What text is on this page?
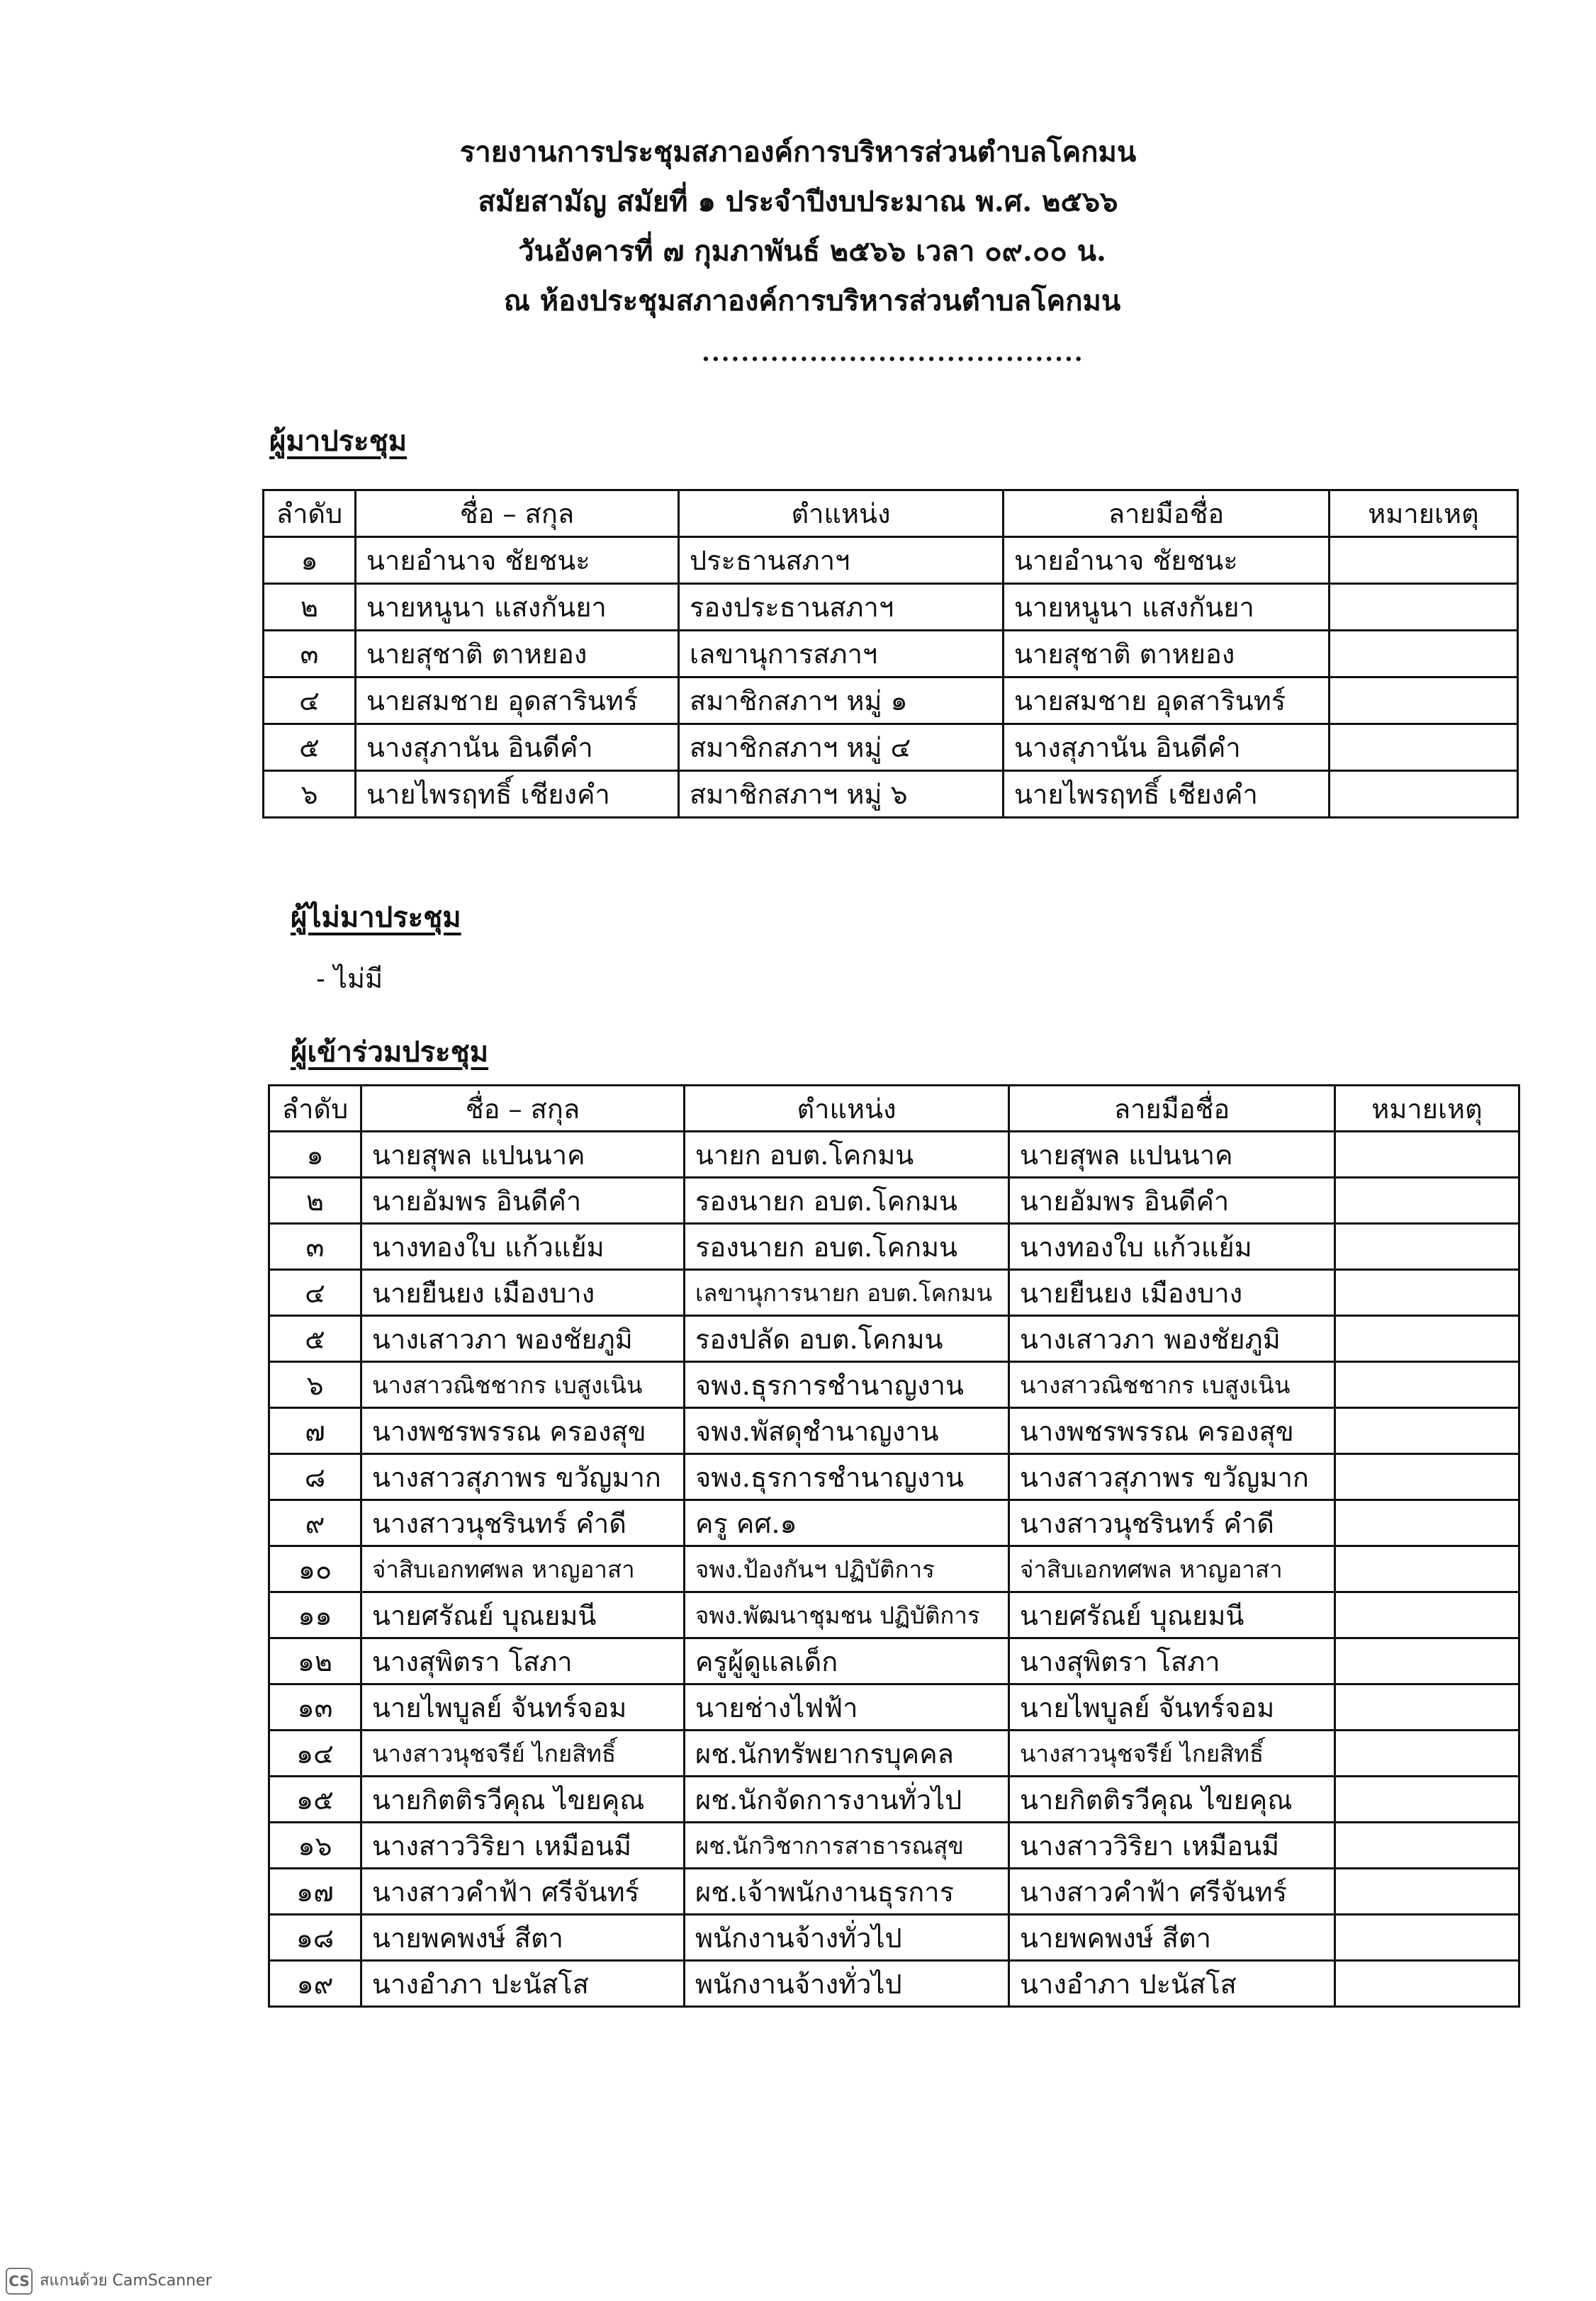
รายงานการประชุมสภาองค์การบริหารส่วนตำบลโคกมน
สมัยสามัญ สมัยที่ ๑ ประจำปีงบประมาณ พ.ศ. ๒๕๖๖
วันอังคารที่ ๗ กุมภาพันธ์ ๒๕๖๖ เวลา ๐๙.๐๐ น.
ณ ห้องประชุมสภาองค์การบริหารส่วนตำบลโคกมน
.......................................
ผู้มาประชุม
ลำดับ	ชื่อ – สกุล	ตำแหน่ง	ลายมือชื่อ	หมายเหตุ
๑	นายอำนาจ ชัยชนะ	ประธานสภาฯ	นายอำนาจ ชัยชนะ	
๒	นายหนูนา แสงกันยา	รองประธานสภาฯ	นายหนูนา แสงกันยา	
๓	นายสุชาติ ตาหยอง	เลขานุการสภาฯ	นายสุชาติ ตาหยอง	
๔	นายสมชาย อุดสารินทร์	สมาชิกสภาฯ หมู่ ๑	นายสมชาย อุดสารินทร์	
๕	นางสุภานัน อินดีคำ	สมาชิกสภาฯ หมู่ ๔	นางสุภานัน อินดีคำ	
๖	นายไพรฤทธิ์ เชียงคำ	สมาชิกสภาฯ หมู่ ๖	นายไพรฤทธิ์ เชียงคำ	
ผู้ไม่มาประชุม
- ไม่มี
ผู้เข้าร่วมประชุม
ลำดับ	ชื่อ – สกุล	ตำแหน่ง	ลายมือชื่อ	หมายเหตุ
๑	นายสุพล แปนนาค	นายก อบต.โคกมน	นายสุพล แปนนาค	
๒	นายอัมพร อินดีคำ	รองนายก อบต.โคกมน	นายอัมพร อินดีคำ	
๓	นางทองใบ แก้วแย้ม	รองนายก อบต.โคกมน	นางทองใบ แก้วแย้ม	
๔	นายยืนยง เมืองบาง	เลขานุการนายก อบต.โคกมน	นายยืนยง เมืองบาง	
๕	นางเสาวภา พองชัยภูมิ	รองปลัด อบต.โคกมน	นางเสาวภา พองชัยภูมิ	
๖	นางสาวณิชชากร เบสูงเนิน	จพง.ธุรการชำนาญงาน	นางสาวณิชชากร เบสูงเนิน	
๗	นางพชรพรรณ ครองสุข	จพง.พัสดุชำนาญงาน	นางพชรพรรณ ครองสุข	
๘	นางสาวสุภาพร ขวัญมาก	จพง.ธุรการชำนาญงาน	นางสาวสุภาพร ขวัญมาก	
๙	นางสาวนุชรินทร์ คำดี	ครู คศ.๑	นางสาวนุชรินทร์ คำดี	
๑๐	จ่าสิบเอกทศพล หาญอาสา	จพง.ป้องกันฯ ปฏิบัติการ	จ่าสิบเอกทศพล หาญอาสา	
๑๑	นายศรัณย์ บุณยมนี	จพง.พัฒนาชุมชน ปฏิบัติการ	นายศรัณย์ บุณยมนี	
๑๒	นางสุพิตรา โสภา	ครูผู้ดูแลเด็ก	นางสุพิตรา โสภา	
๑๓	นายไพบูลย์ จันทร์จอม	นายช่างไฟฟ้า	นายไพบูลย์ จันทร์จอม	
๑๔	นางสาวนุชจรีย์ ไกยสิทธิ์	ผช.นักทรัพยากรบุคคล	นางสาวนุชจรีย์ ไกยสิทธิ์	
๑๕	นายกิตติรวีคุณ ไขยคุณ	ผช.นักจัดการงานทั่วไป	นายกิตติรวีคุณ ไขยคุณ	
๑๖	นางสาววิริยา เหมือนมี	ผช.นักวิชาการสาธารณสุข	นางสาววิริยา เหมือนมี	
๑๗	นางสาวคำฟ้า ศรีจันทร์	ผช.เจ้าพนักงานธุรการ	นางสาวคำฟ้า ศรีจันทร์	
๑๘	นายพคพงษ์ สีตา	พนักงานจ้างทั่วไป	นายพคพงษ์ สีตา	
๑๙	นางอำภา ปะนัสโส	พนักงานจ้างทั่วไป	นางอำภา ปะนัสโส	
CS สแกนด้วย CamScanner
